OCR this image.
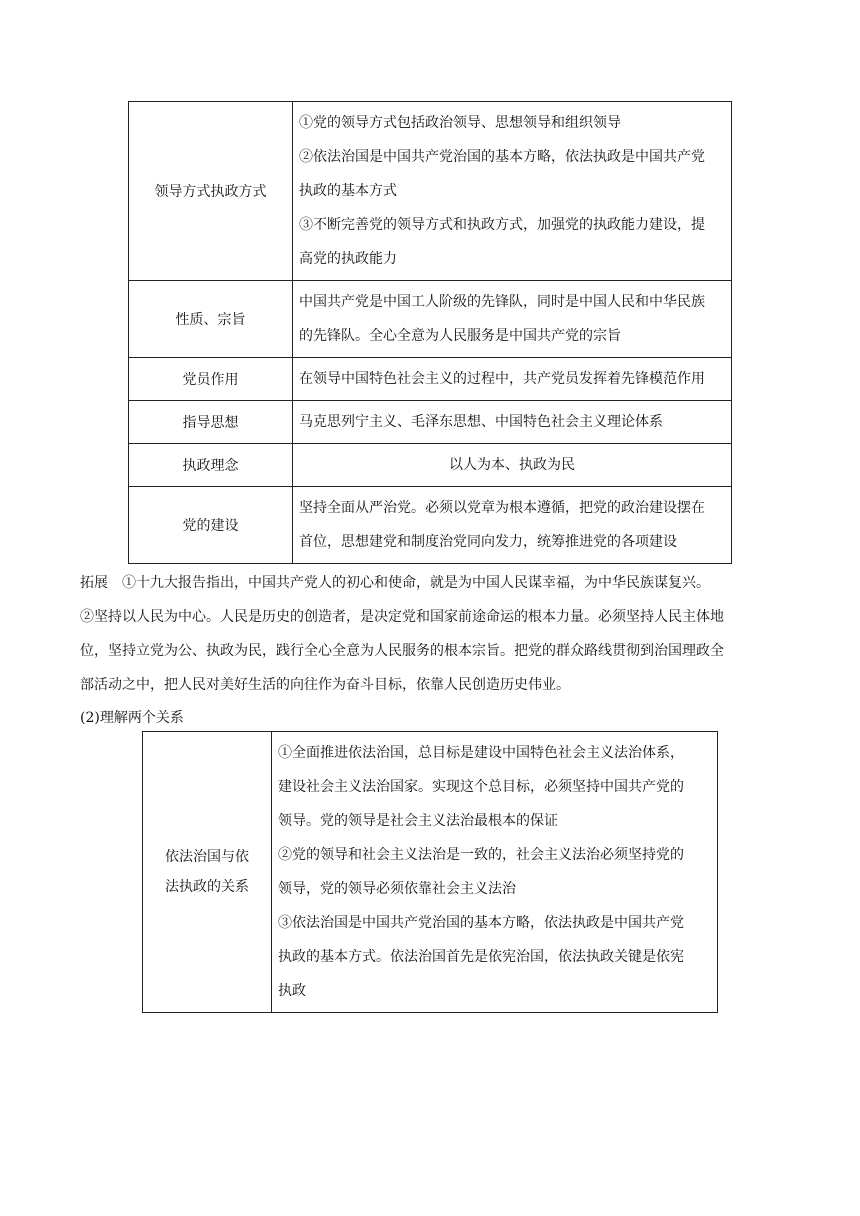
领导方式执政方式	①党的领导方式包括政治领导、思想领导和组织领导
②依法治国是中国共产党治国的基本方略，依法执政是中国共产党
执政的基本方式
③不断完善党的领导方式和执政方式，加强党的执政能力建设，提
高党的执政能力

性质、宗旨	中国共产党是中国工人阶级的先锋队，同时是中国人民和中华民族
的先锋队。全心全意为人民服务是中国共产党的宗旨

党员作用	在领导中国特色社会主义的过程中，共产党员发挥着先锋模范作用

指导思想	马克思列宁主义、毛泽东思想、中国特色社会主义理论体系

执政理念	以人为本、执政为民

党的建设	坚持全面从严治党。必须以党章为根本遵循，把党的政治建设摆在
首位，思想建党和制度治党同向发力，统筹推进党的各项建设

拓展　①十九大报告指出，中国共产党人的初心和使命，就是为中国人民谋幸福，为中华民族谋复兴。

②坚持以人民为中心。人民是历史的创造者，是决定党和国家前途命运的根本力量。必须坚持人民主体地

位，坚持立党为公、执政为民，践行全心全意为人民服务的根本宗旨。把党的群众路线贯彻到治国理政全

部活动之中，把人民对美好生活的向往作为奋斗目标，依靠人民创造历史伟业。

(2)理解两个关系
依法治国与依
法执政的关系

①全面推进依法治国，总目标是建设中国特色社会主义法治体系，
建设社会主义法治国家。实现这个总目标，必须坚持中国共产党的
领导。党的领导是社会主义法治最根本的保证
②党的领导和社会主义法治是一致的，社会主义法治必须坚持党的
领导，党的领导必须依靠社会主义法治
③依法治国是中国共产党治国的基本方略，依法执政是中国共产党
执政的基本方式。依法治国首先是依宪治国，依法执政关键是依宪
执政
